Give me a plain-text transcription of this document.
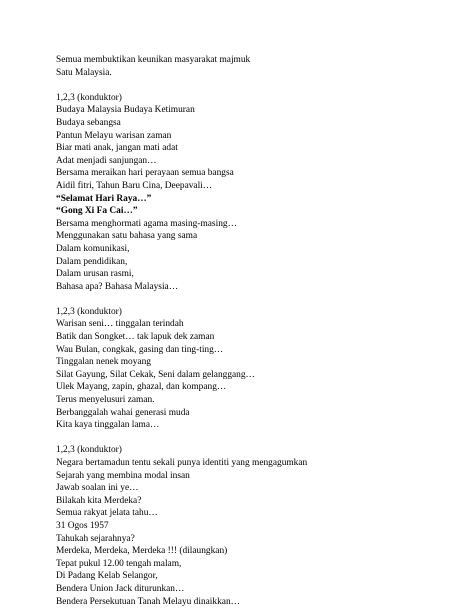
Semua membuktikan keunikan masyarakat majmuk
Satu Malaysia.
1,2,3 (konduktor)
Budaya Malaysia Budaya Ketimuran
Budaya sebangsa
Pantun Melayu warisan zaman
Biar mati anak, jangan mati adat
Adat menjadi sanjungan…
Bersama meraikan hari perayaan semua bangsa
Aidil fitri, Tahun Baru Cina, Deepavali…
“Selamat Hari Raya…”
“Gong Xi Fa Cai…”
Bersama menghormati agama masing-masing…
Menggunakan satu bahasa yang sama
Dalam komunikasi,
Dalam pendidikan,
Dalam urusan rasmi,
Bahasa apa? Bahasa Malaysia…
1,2,3 (konduktor)
Warisan seni… tinggalan terindah
Batik dan Songket… tak lapuk dek zaman
Wau Bulan, congkak, gasing dan ting-ting…
Tinggalan nenek moyang
Silat Gayung, Silat Cekak, Seni dalam gelanggang…
Ulek Mayang, zapin, ghazal, dan kompang…
Terus menyelusuri zaman.
Berbanggalah wahai generasi muda
Kita kaya tinggalan lama…
1,2,3 (konduktor)
Negara bertamadun tentu sekali punya identiti yang mengagumkan
Sejarah yang membina modal insan
Jawab soalan ini ye…
Bilakah kita Merdeka?
Semua rakyat jelata tahu…
31 Ogos 1957
Tahukah sejarahnya?
Merdeka, Merdeka, Merdeka !!! (dilaungkan)
Tepat pukul 12.00 tengah malam,
Di Padang Kelab Selangor,
Bendera Union Jack diturunkan…
Bendera Persekutuan Tanah Melayu dinaikkan…
